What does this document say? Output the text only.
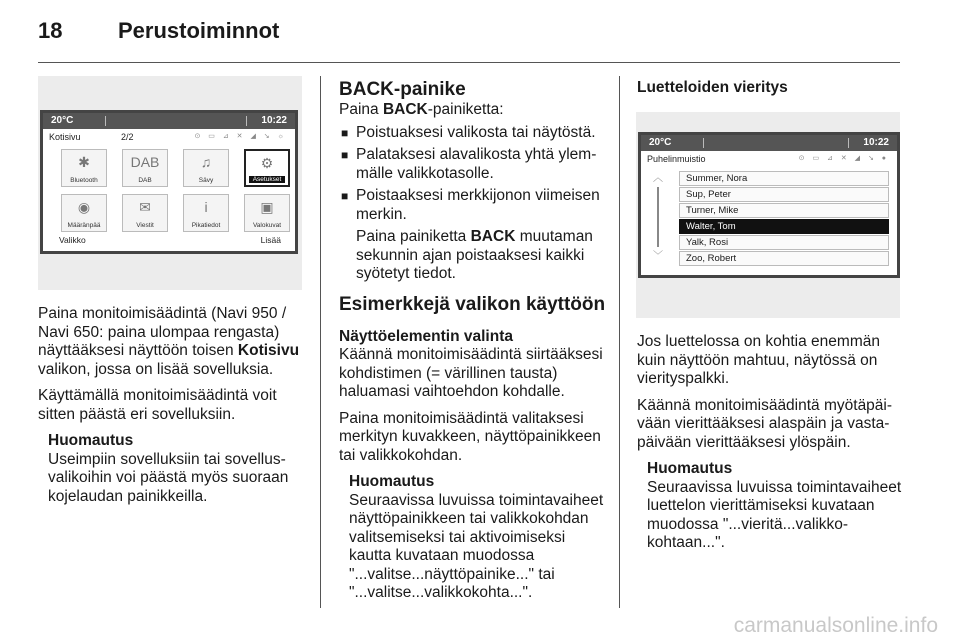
18	Perustoiminnot
20°C	10:22
Kotisivu	2/2	⊙ ▭ ⊿ ✕ ◢ ↘ ☼
✱
Bluetooth
DAB
DAB
♫
Sävy
⚙
Asetukset
◉
Määränpää
✉
Viestit
i
Pikatiedot
▣
Valokuvat
Valikko	Lisää

Paina monitoimisäädintä (Navi 950 / Navi 650: paina ulompaa rengasta) näyttääksesi näyttöön toisen Kotisivu valikon, jossa on lisää sovelluksia.

Käyttämällä monitoimisäädintä voit sitten päästä eri sovelluksiin.

Huomautus
Useimpiin sovelluksiin tai sovellusvalikoihin voi päästä myös suoraan kojelaudan painikkeilla.
BACK-painike

Paina BACK-painiketta:

■ Poistuaksesi valikosta tai näytöstä.
■ Palataksesi alavalikosta yhtä ylemmälle valikkotasolle.
■ Poistaaksesi merkkijonon viimeisen merkin.
Paina painiketta BACK muutaman sekunnin ajan poistaaksesi kaikki syötetyt tiedot.
Esimerkkejä valikon käyttöön
Näyttöelementin valinta

Käännä monitoimisäädintä siirtääksesi kohdistimen (= värillinen tausta) haluamasi vaihtoehdon kohdalle.

Paina monitoimisäädintä valitaksesi merkityn kuvakkeen, näyttöpainikkeen tai valikkokohdan.

Huomautus
Seuraavissa luvuissa toimintavaiheet näyttöpainikkeen tai valikkokohdan valitsemiseksi tai aktivoimiseksi kautta kuvataan muodossa "...valitse...näyttöpainike..." tai "...valitse...valikkokohta...".
Luetteloiden vieritys
20°C	10:22
Puhelinmuistio	⊙ ▭ ⊿ ✕ ◢ ↘ ●
︿
﹀
Summer, Nora
Sup, Peter
Turner, Mike
Walter, Tom
Yalk, Rosi
Zoo, Robert

Jos luettelossa on kohtia enemmän kuin näyttöön mahtuu, näytössä on vierityspalkki.

Käännä monitoimisäädintä myötäpäivään vierittääksesi alaspäin ja vastapäivään vierittääksesi ylöspäin.

Huomautus
Seuraavissa luvuissa toimintavaiheet luettelon vierittämiseksi kuvataan muodossa "...vieritä...valikkokohtaan...".
carmanualsonline.info
